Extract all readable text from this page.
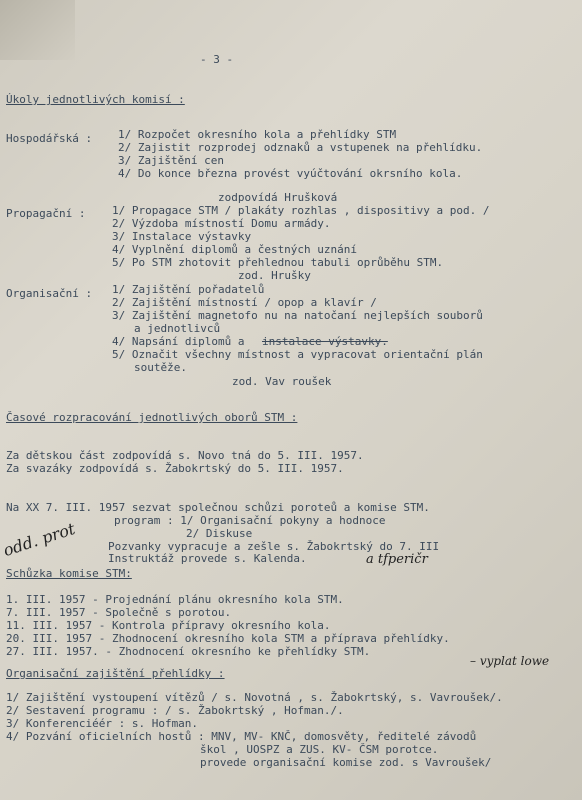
- 3 -
Úkoly jednotlivých komisí :
Hospodářská : 1/ Rozpočet okresního kola a přehlídky STM
2/ Zajistit rozprodej odznaků a vstupenek na přehlídku.
3/ Zajištění cen
4/ Do konce března provést vyúčtování okrsního kola.
zodpovídá Hrušková
Propagační : 1/ Propagace STM / plakáty rozhlas , dispositivy a pod. /
2/ Výzdoba místností Domu armády.
3/ Instalace výstavky
4/ Vyplnění diplomů a čestných uznání
5/ Po STM zhotovit přehlednou tabuli oprůběhu STM.
zod. Hrušky
Organisační : 1/ Zajištění pořadatelů
2/ Zajištění místností / opop a klavír /
3/ Zajištění magnetofo nu na natočaní nejlepších souborů
a jednotlivců
4/ Napsání diplomů a instalace výstavky.
5/ Označit všechny místnost a vypracovat orientační plán
soutěže.
zod. Vav roušek
Časové rozpracování jednotlivých oborů STM :
Za dětskou část zodpovídá s. Novo tná do 5. III. 1957.
Za svazáky zodpovídá s. Žabokrtský do 5. III. 1957.
Na XX 7. III. 1957 sezvat společnou schůzi poroteů a komise STM.
program : 1/ Organisační pokyny a hodnoce
2/ Diskuse
Pozvanky vypracuje a zešle s. Žabokrtský do 7. III
Instruktáž provede s. Kalenda.
Schůzka komise STM:
1. III. 1957 - Projednání plánu okresního kola STM.
7. III. 1957 - Společně s porotou.
11. III. 1957 - Kontrola přípravy okresního kola.
20. III. 1957 - Zhodnocení okresního kola STM a příprava přehlídky.
27. III. 1957. - Zhodnocení okresního ke přehlídky STM.
Organisační zajištění přehlídky :
1/ Zajištění vystoupení vítězů / s. Novotná , s. Žabokrtský, s. Vavroušek/.
2/ Sestavení programu : / s. Žabokrtský , Hofman./.
3/ Konferenciéér : s. Hofman.
4/ Pozvání oficielních hostů : MNV, MV- KNČ, domosvěty, ředitelé závodů
škol , UOSPZ a ZUS. KV- ČSM porotce.
provede organisační komise zod. s Vavroušek/
odd. prot	a tfperičr
– vyplat lowe
